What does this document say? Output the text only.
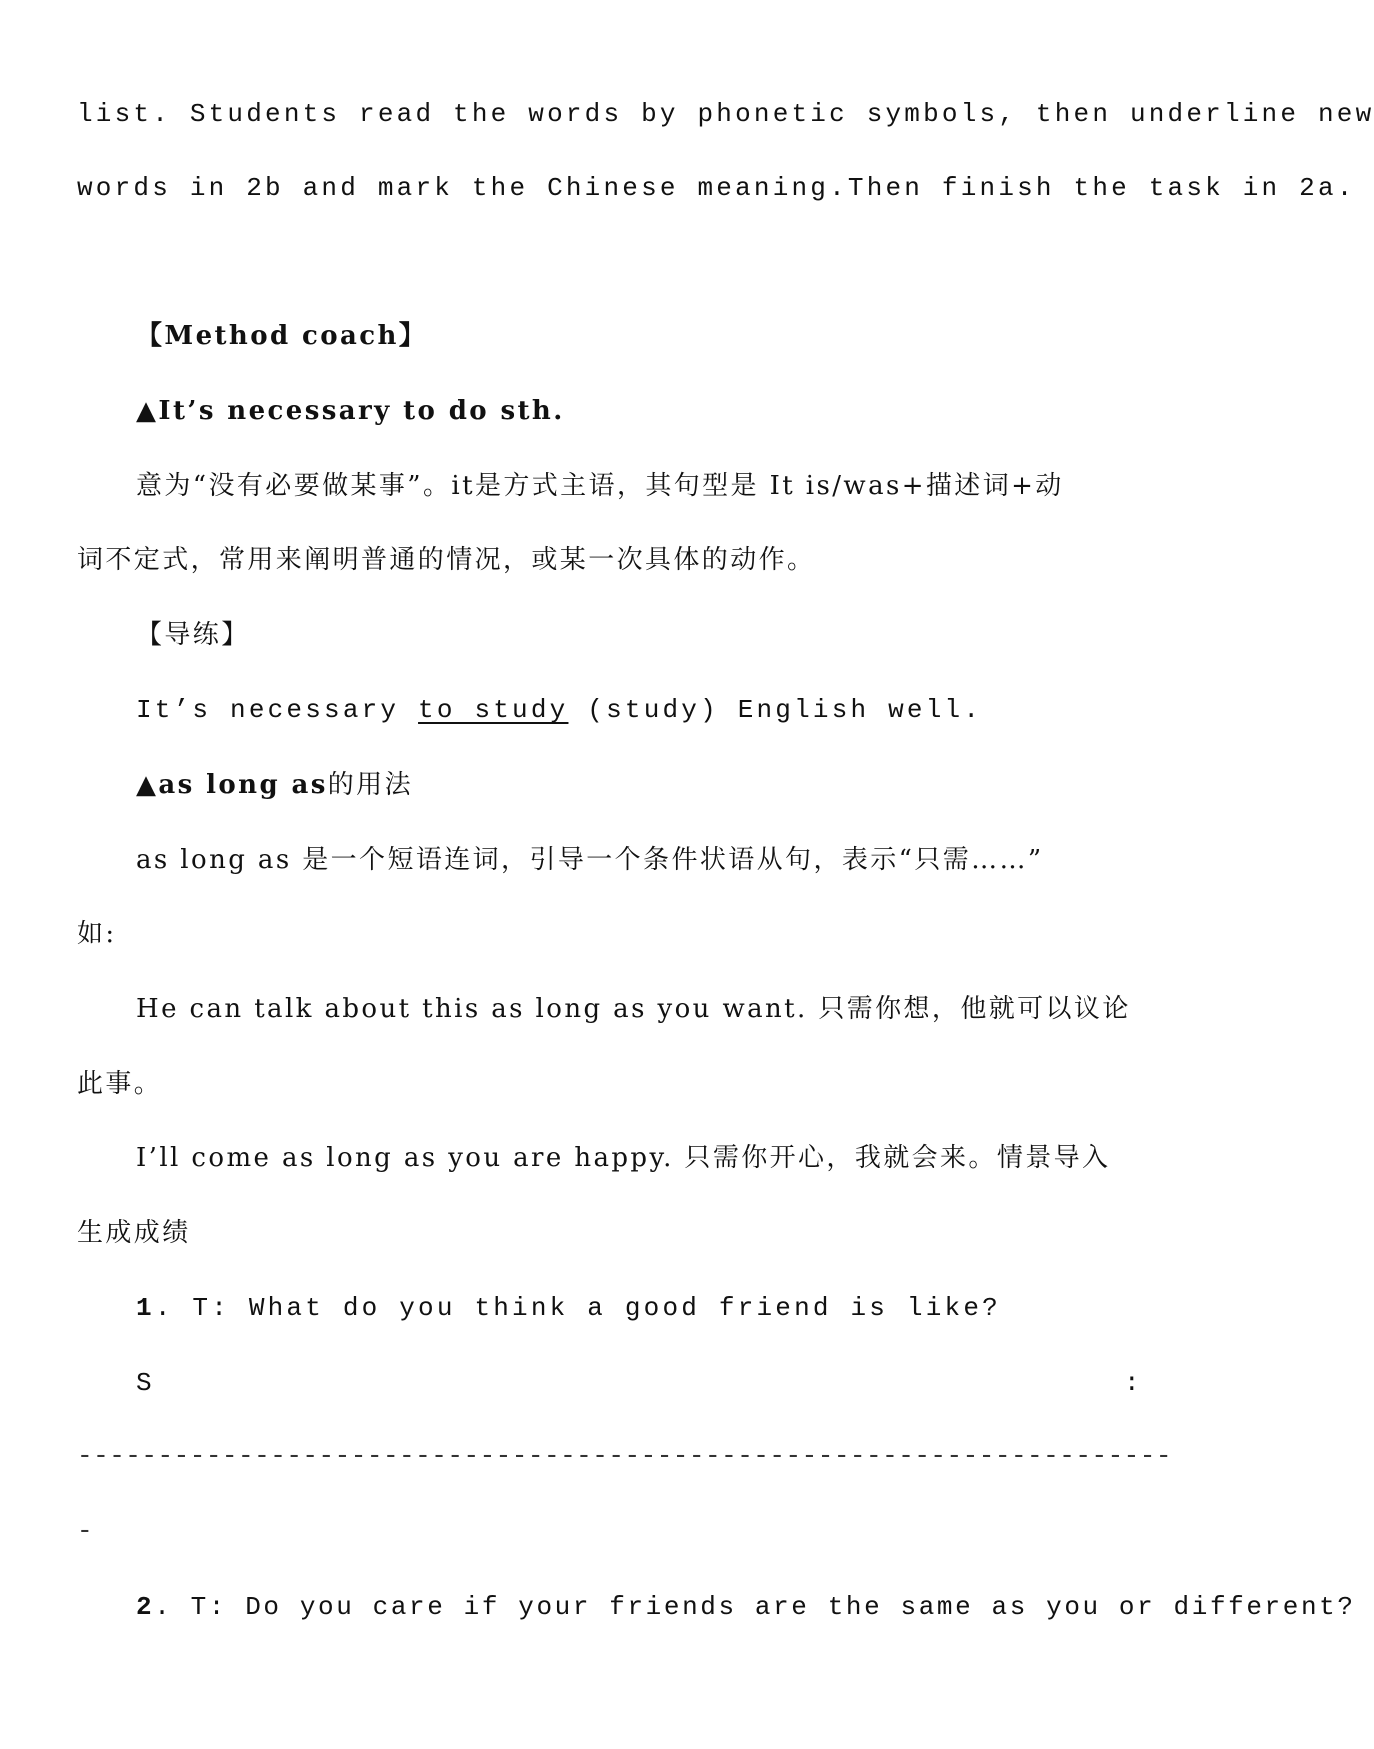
list. Students read the words by phonetic symbols, then underline new
words in 2b and mark the Chinese meaning.Then finish the task in 2a.
【Method coach】
▲It’s necessary to do sth.
意为“没有必要做某事”。it是方式主语，其句型是 It is/was+描述词+动
词不定式，常用来阐明普通的情况，或某一次具体的动作。
【导练】
It’s necessary to study (study) English well.
▲as long as的用法
as long as 是一个短语连词，引导一个条件状语从句，表示“只需……”
如:
He can talk about this as long as you want. 只需你想，他就可以议论
此事。
I’ll come as long as you are happy. 只需你开心，我就会来。情景导入
生成成绩
1. T: What do you think a good friend is like?
S	:
--------------------------------------------------------------------
-
2. T: Do you care if your friends are the same as you or different?
